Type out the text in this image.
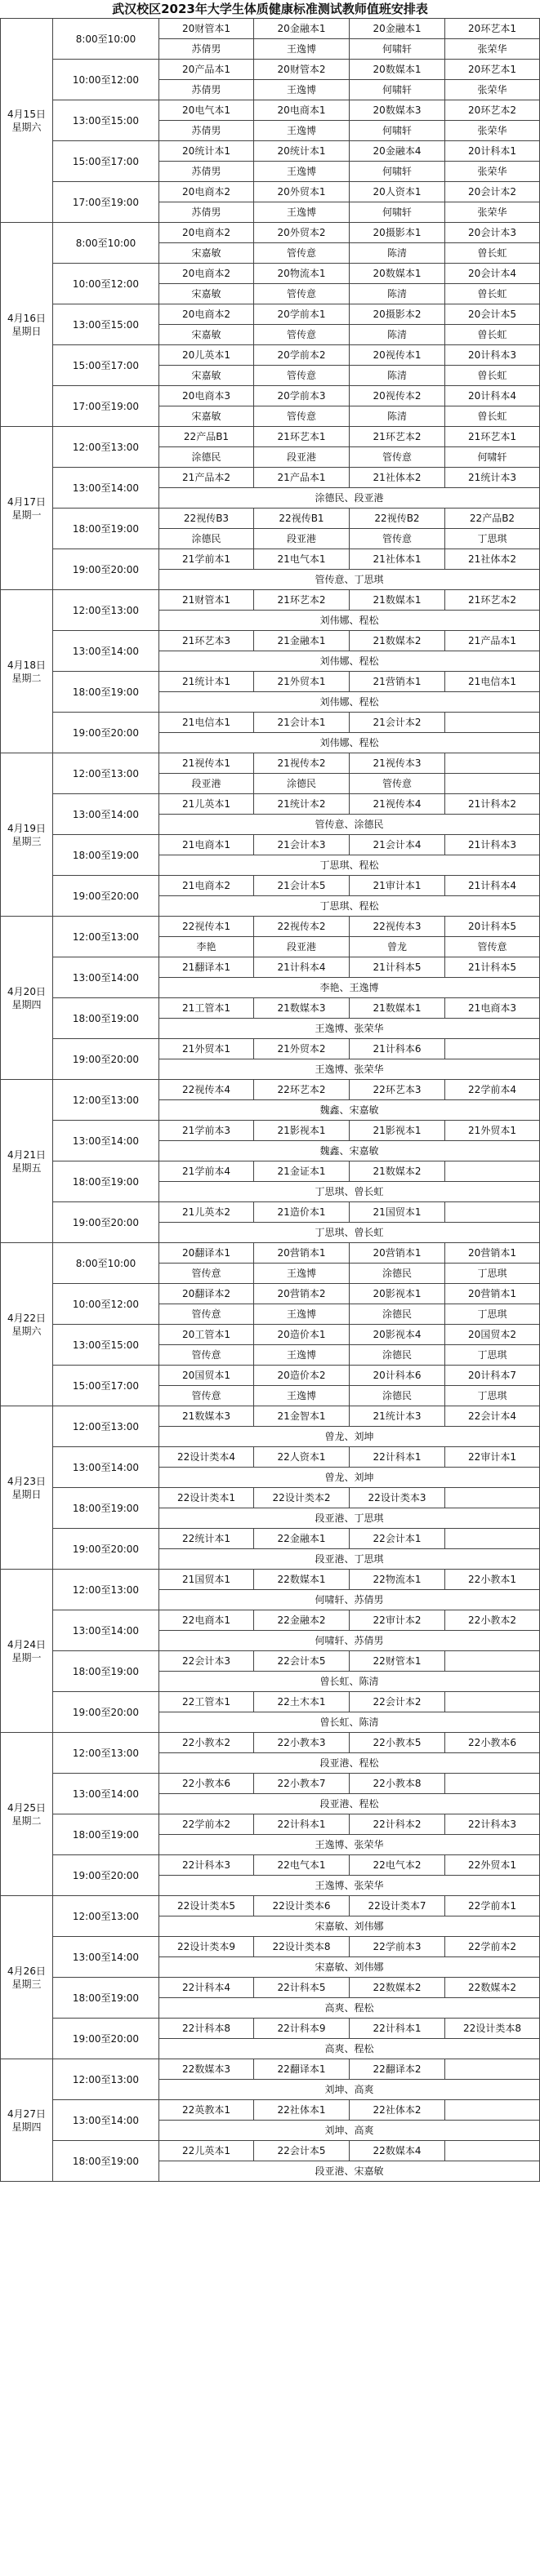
武汉校区2023年大学生体质健康标准测试教师值班安排表
4月15日
星期六
8:00至10:00
20财管本1	20金融本1	20金融本1	20环艺本1
苏倩男	王逸博	何啸轩	张荣华
10:00至12:00
20产品本1	20财管本2	20数媒本1	20环艺本1
苏倩男	王逸博	何啸轩	张荣华
13:00至15:00
20电气本1	20电商本1	20数媒本3	20环艺本2
苏倩男	王逸博	何啸轩	张荣华
15:00至17:00
20统计本1	20统计本1	20金融本4	20计科本1
苏倩男	王逸博	何啸轩	张荣华
17:00至19:00
20电商本2	20外贸本1	20人资本1	20会计本2
苏倩男	王逸博	何啸轩	张荣华
4月16日
星期日
8:00至10:00
20电商本2	20外贸本2	20摄影本1	20会计本3
宋嘉敏	管传意	陈清	曾长虹
10:00至12:00
20电商本2	20物流本1	20数媒本1	20会计本4
宋嘉敏	管传意	陈清	曾长虹
13:00至15:00
20电商本2	20学前本1	20摄影本2	20会计本5
宋嘉敏	管传意	陈清	曾长虹
15:00至17:00
20儿英本1	20学前本2	20视传本1	20计科本3
宋嘉敏	管传意	陈清	曾长虹
17:00至19:00
20电商本3	20学前本3	20视传本2	20计科本4
宋嘉敏	管传意	陈清	曾长虹
4月17日
星期一
12:00至13:00
22产品B1	21环艺本1	21环艺本2	21环艺本1
涂德民	段亚港	管传意	何啸轩
13:00至14:00
21产品本2	21产品本1	21社体本2	21统计本3
涂德民、段亚港
18:00至19:00
22视传B3	22视传B1	22视传B2	22产品B2
涂德民	段亚港	管传意	丁思琪
19:00至20:00
21学前本1	21电气本1	21社体本1	21社体本2
管传意、丁思琪
4月18日
星期二
12:00至13:00
21财管本1	21环艺本2	21数媒本1	21环艺本2
刘伟娜、程松
13:00至14:00
21环艺本3	21金融本1	21数媒本2	21产品本1
刘伟娜、程松
18:00至19:00
21统计本1	21外贸本1	21营销本1	21电信本1
刘伟娜、程松
19:00至20:00
21电信本1	21会计本1	21会计本2
刘伟娜、程松
4月19日
星期三
12:00至13:00
21视传本1	21视传本2	21视传本3
段亚港	涂德民	管传意
13:00至14:00
21儿英本1	21统计本2	21视传本4	21计科本2
管传意、涂德民
18:00至19:00
21电商本1	21会计本3	21会计本4	21计科本3
丁思琪、程松
19:00至20:00
21电商本2	21会计本5	21审计本1	21计科本4
丁思琪、程松
4月20日
星期四
12:00至13:00
22视传本1	22视传本2	22视传本3	20计科本5
李艳	段亚港	曾龙	管传意
13:00至14:00
21翻译本1	21计科本4	21计科本5	21计科本5
李艳、王逸博
18:00至19:00
21工管本1	21数媒本3	21数媒本1	21电商本3
王逸博、张荣华
19:00至20:00
21外贸本1	21外贸本2	21计科本6
王逸博、张荣华
4月21日
星期五
12:00至13:00
22视传本4	22环艺本2	22环艺本3	22学前本4
魏鑫、宋嘉敏
13:00至14:00
21学前本3	21影视本1	21影视本1	21外贸本1
魏鑫、宋嘉敏
18:00至19:00
21学前本4	21金证本1	21数媒本2
丁思琪、曾长虹
19:00至20:00
21儿英本2	21造价本1	21国贸本1
丁思琪、曾长虹
4月22日
星期六
8:00至10:00
20翻译本1	20营销本1	20营销本1	20营销本1
管传意	王逸博	涂德民	丁思琪
10:00至12:00
20翻译本2	20营销本2	20影视本1	20营销本1
管传意	王逸博	涂德民	丁思琪
13:00至15:00
20工管本1	20造价本1	20影视本4	20国贸本2
管传意	王逸博	涂德民	丁思琪
15:00至17:00
20国贸本1	20造价本2	20计科本6	20计科本7
管传意	王逸博	涂德民	丁思琪
4月23日
星期日
12:00至13:00
21数媒本3	21金智本1	21统计本3	22会计本4
曾龙、刘坤
13:00至14:00
22设计类本4	22人资本1	22计科本1	22审计本1
曾龙、刘坤
18:00至19:00
22设计类本1	22设计类本2	22设计类本3
段亚港、丁思琪
19:00至20:00
22统计本1	22金融本1	22会计本1
段亚港、丁思琪
4月24日
星期一
12:00至13:00
21国贸本1	22数媒本1	22物流本1	22小教本1
何啸轩、苏倩男
13:00至14:00
22电商本1	22金融本2	22审计本2	22小教本2
何啸轩、苏倩男
18:00至19:00
22会计本3	22会计本5	22财管本1
曾长虹、陈清
19:00至20:00
22工管本1	22土木本1	22会计本2
曾长虹、陈清
4月25日
星期二
12:00至13:00
22小教本2	22小教本3	22小教本5	22小教本6
段亚港、程松
13:00至14:00
22小教本6	22小教本7	22小教本8
段亚港、程松
18:00至19:00
22学前本2	22计科本1	22计科本2	22计科本3
王逸博、张荣华
19:00至20:00
22计科本3	22电气本1	22电气本2	22外贸本1
王逸博、张荣华
4月26日
星期三
12:00至13:00
22设计类本5	22设计类本6	22设计类本7	22学前本1
宋嘉敏、刘伟娜
13:00至14:00
22设计类本9	22设计类本8	22学前本3	22学前本2
宋嘉敏、刘伟娜
18:00至19:00
22计科本4	22计科本5	22数媒本2	22数媒本2
高爽、程松
19:00至20:00
22计科本8	22计科本9	22计科本1	22设计类本8
高爽、程松
4月27日
星期四
12:00至13:00
22数媒本3	22翻译本1	22翻译本2
刘坤、高爽
13:00至14:00
22英教本1	22社体本1	22社体本2
刘坤、高爽
18:00至19:00
22儿英本1	22会计本5	22数媒本4
段亚港、宋嘉敏
